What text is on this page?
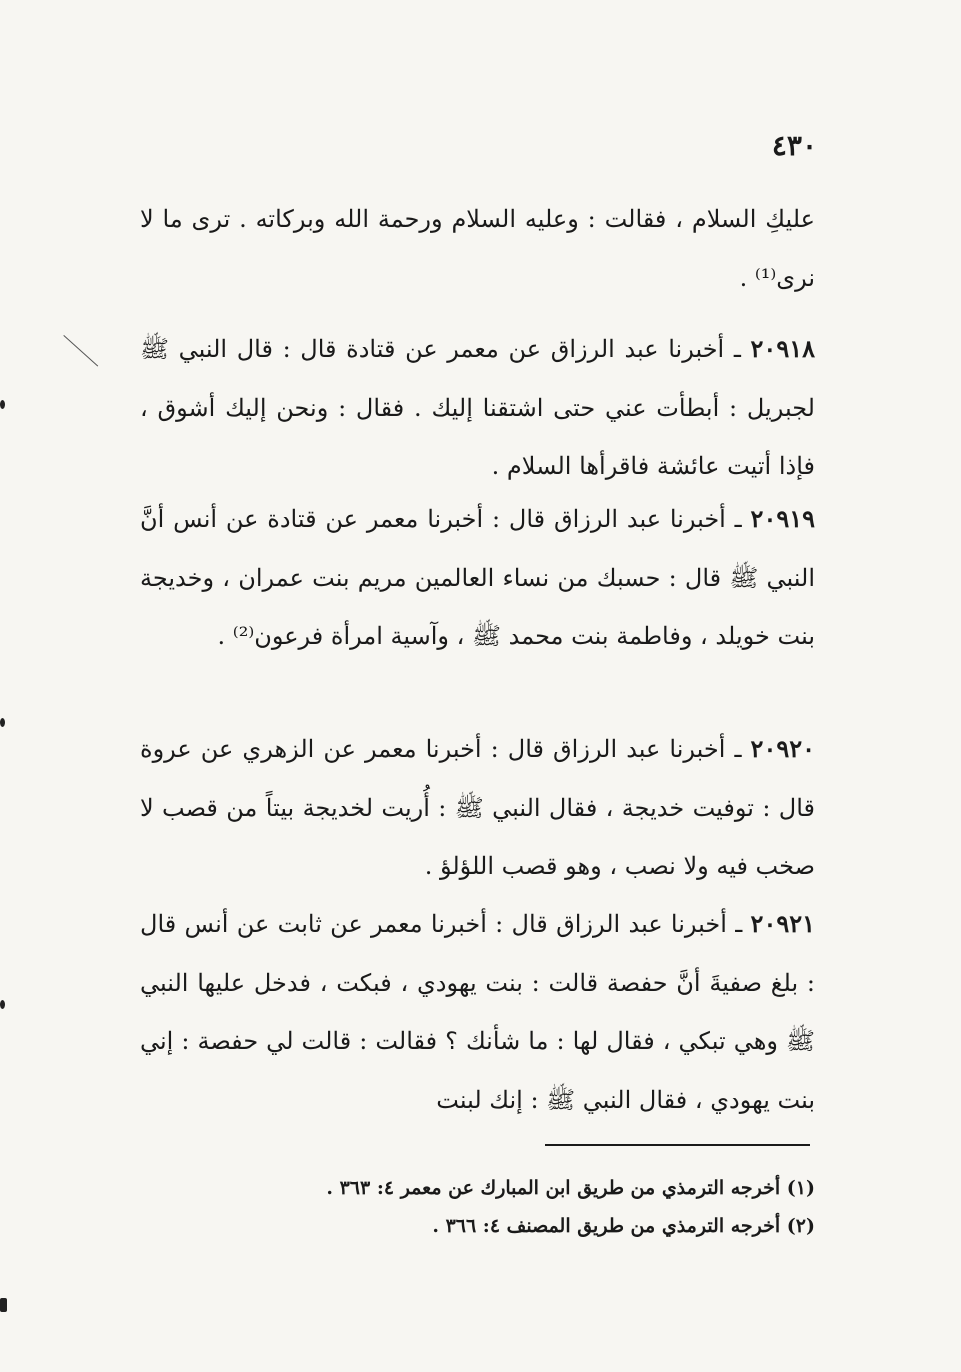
٤٣٠
عليكِ السلام ، فقالت : وعليه السلام ورحمة الله وبركاته . ترى ما لا نرى⁽¹⁾ .
٢٠٩١٨ ـ أخبرنا عبد الرزاق عن معمر عن قتادة قال : قال النبي ﷺ لجبريل : أبطأت عني حتى اشتقنا إليك . فقال : ونحن إليك أشوق ، فإذا أتيت عائشة فاقرأها السلام .
٢٠٩١٩ ـ أخبرنا عبد الرزاق قال : أخبرنا معمر عن قتادة عن أنس أنَّ النبي ﷺ قال : حسبك من نساء العالمين مريم بنت عمران ، وخديجة بنت خويلد ، وفاطمة بنت محمد ﷺ ، وآسية امرأة فرعون⁽²⁾ .
٢٠٩٢٠ ـ أخبرنا عبد الرزاق قال : أخبرنا معمر عن الزهري عن عروة قال : توفيت خديجة ، فقال النبي ﷺ : أُريت لخديجة بيتاً من قصب لا صخب فيه ولا نصب ، وهو قصب اللؤلؤ .
٢٠٩٢١ ـ أخبرنا عبد الرزاق قال : أخبرنا معمر عن ثابت عن أنس قال : بلغ صفيةَ أنَّ حفصة قالت : بنت يهودي ، فبكت ، فدخل عليها النبي ﷺ وهي تبكي ، فقال لها : ما شأنك ؟ فقالت : قالت لي حفصة : إني بنت يهودي ، فقال النبي ﷺ : إنك لبنت
(١) أخرجه الترمذي من طريق ابن المبارك عن معمر ٤: ٣٦٣ .
(٢) أخرجه الترمذي من طريق المصنف ٤: ٣٦٦ .
